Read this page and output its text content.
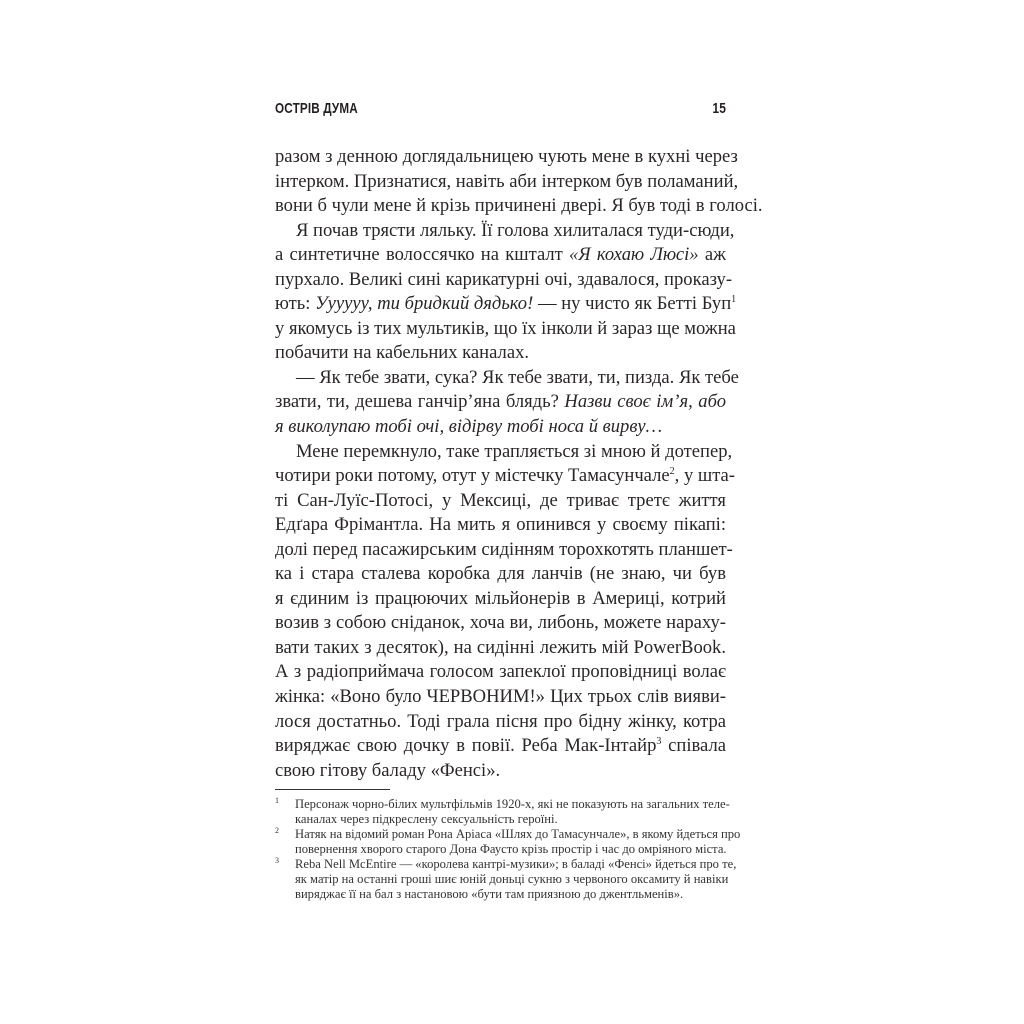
ОСТРІВ ДУМА	15
разом з денною доглядальницею чують мене в кухні через
інтерком. Признатися, навіть аби інтерком був поламаний,
вони б чули мене й крізь причинені двері. Я був тоді в голосі.
Я почав трясти ляльку. Її голова хилиталася туди-сюди,
а синтетичне волоссячко на кшталт «Я кохаю Люсі» аж
пурхало. Великі сині карикатурні очі, здавалося, проказу-
ють: Уууууу, ти бридкий дядько! — ну чисто як Бетті Буп$^1$
у якомусь із тих мультиків, що їх інколи й зараз ще можна
побачити на кабельних каналах.
— Як тебе звати, сука? Як тебе звати, ти, пизда. Як тебе
звати, ти, дешева ганчір’яна блядь? Назви своє ім’я, або
я виколупаю тобі очі, відірву тобі носа й вирву…
Мене перемкнуло, таке трапляється зі мною й дотепер,
чотири роки потому, отут у містечку Тамасунчале$^2$, у шта-
ті Сан-Луїс-Потосі, у Мексиці, де триває третє життя
Едґара Фрімантла. На мить я опинився у своєму пікапі:
долі перед пасажирським сидінням торохкотять планшет-
ка і стара сталева коробка для ланчів (не знаю, чи був
я єдиним із працюючих мільйонерів в Америці, котрий
возив з собою сніданок, хоча ви, либонь, можете нараху-
вати таких з десяток), на сидінні лежить мій PowerBook.
А з радіоприймача голосом запеклої проповідниці волає
жінка: «Воно було ЧЕРВОНИМ!» Цих трьох слів вияви-
лося достатньо. Тоді грала пісня про бідну жінку, котра
виряджає свою дочку в повії. Реба Мак-Інтайр$^3$ співала
свою гітову баладу «Фенсі».
1 Персонаж чорно-білих мультфільмів 1920-х, які не показують на загальних теле-
каналах через підкреслену сексуальність героїні.
2 Натяк на відомий роман Рона Аріаса «Шлях до Тамасунчале», в якому йдеться про
повернення хворого старого Дона Фаусто крізь простір і час до омріяного міста.
3 Reba Nell McEntire — «королева кантрі-музики»; в баладі «Фенсі» йдеться про те,
як матір на останні гроші шиє юній доньці сукню з червоного оксамиту й навіки
виряджає її на бал з настановою «бути там приязною до джентльменів».
